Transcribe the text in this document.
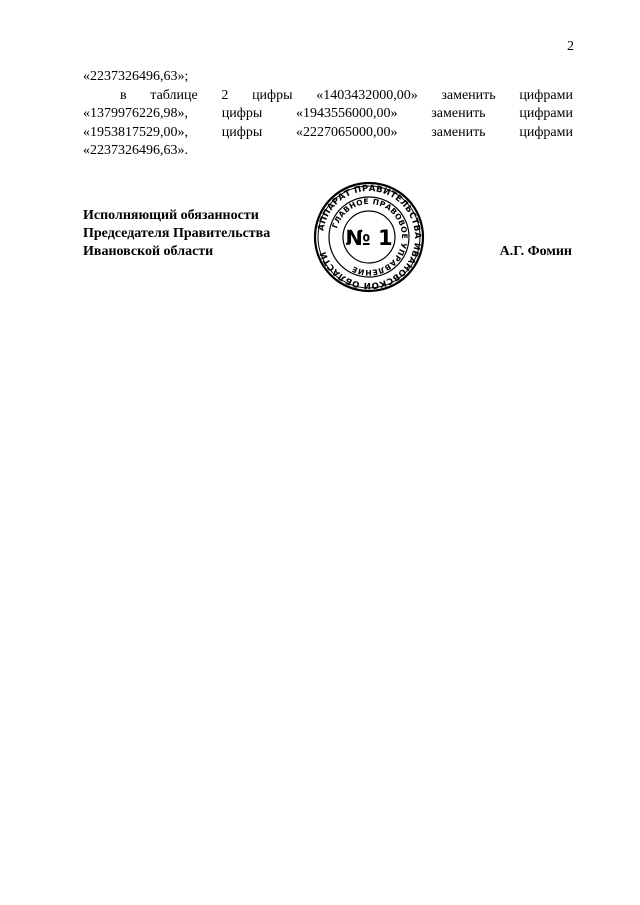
2
«2237326496,63»;
в таблице 2 цифры «1403432000,00» заменить цифрами
«1379976226,98», цифры «1943556000,00» заменить цифрами
«1953817529,00», цифры «2227065000,00» заменить цифрами
«2237326496,63».
Исполняющий обязанности
Председателя Правительства
Ивановской области
АППАРАТ ПРАВИТЕЛЬСТВА ИВАНОВСКОЙ ОБЛАСТИ
ГЛАВНОЕ ПРАВОВОЕ УПРАВЛЕНИЕ
№ 1
А.Г. Фомин
